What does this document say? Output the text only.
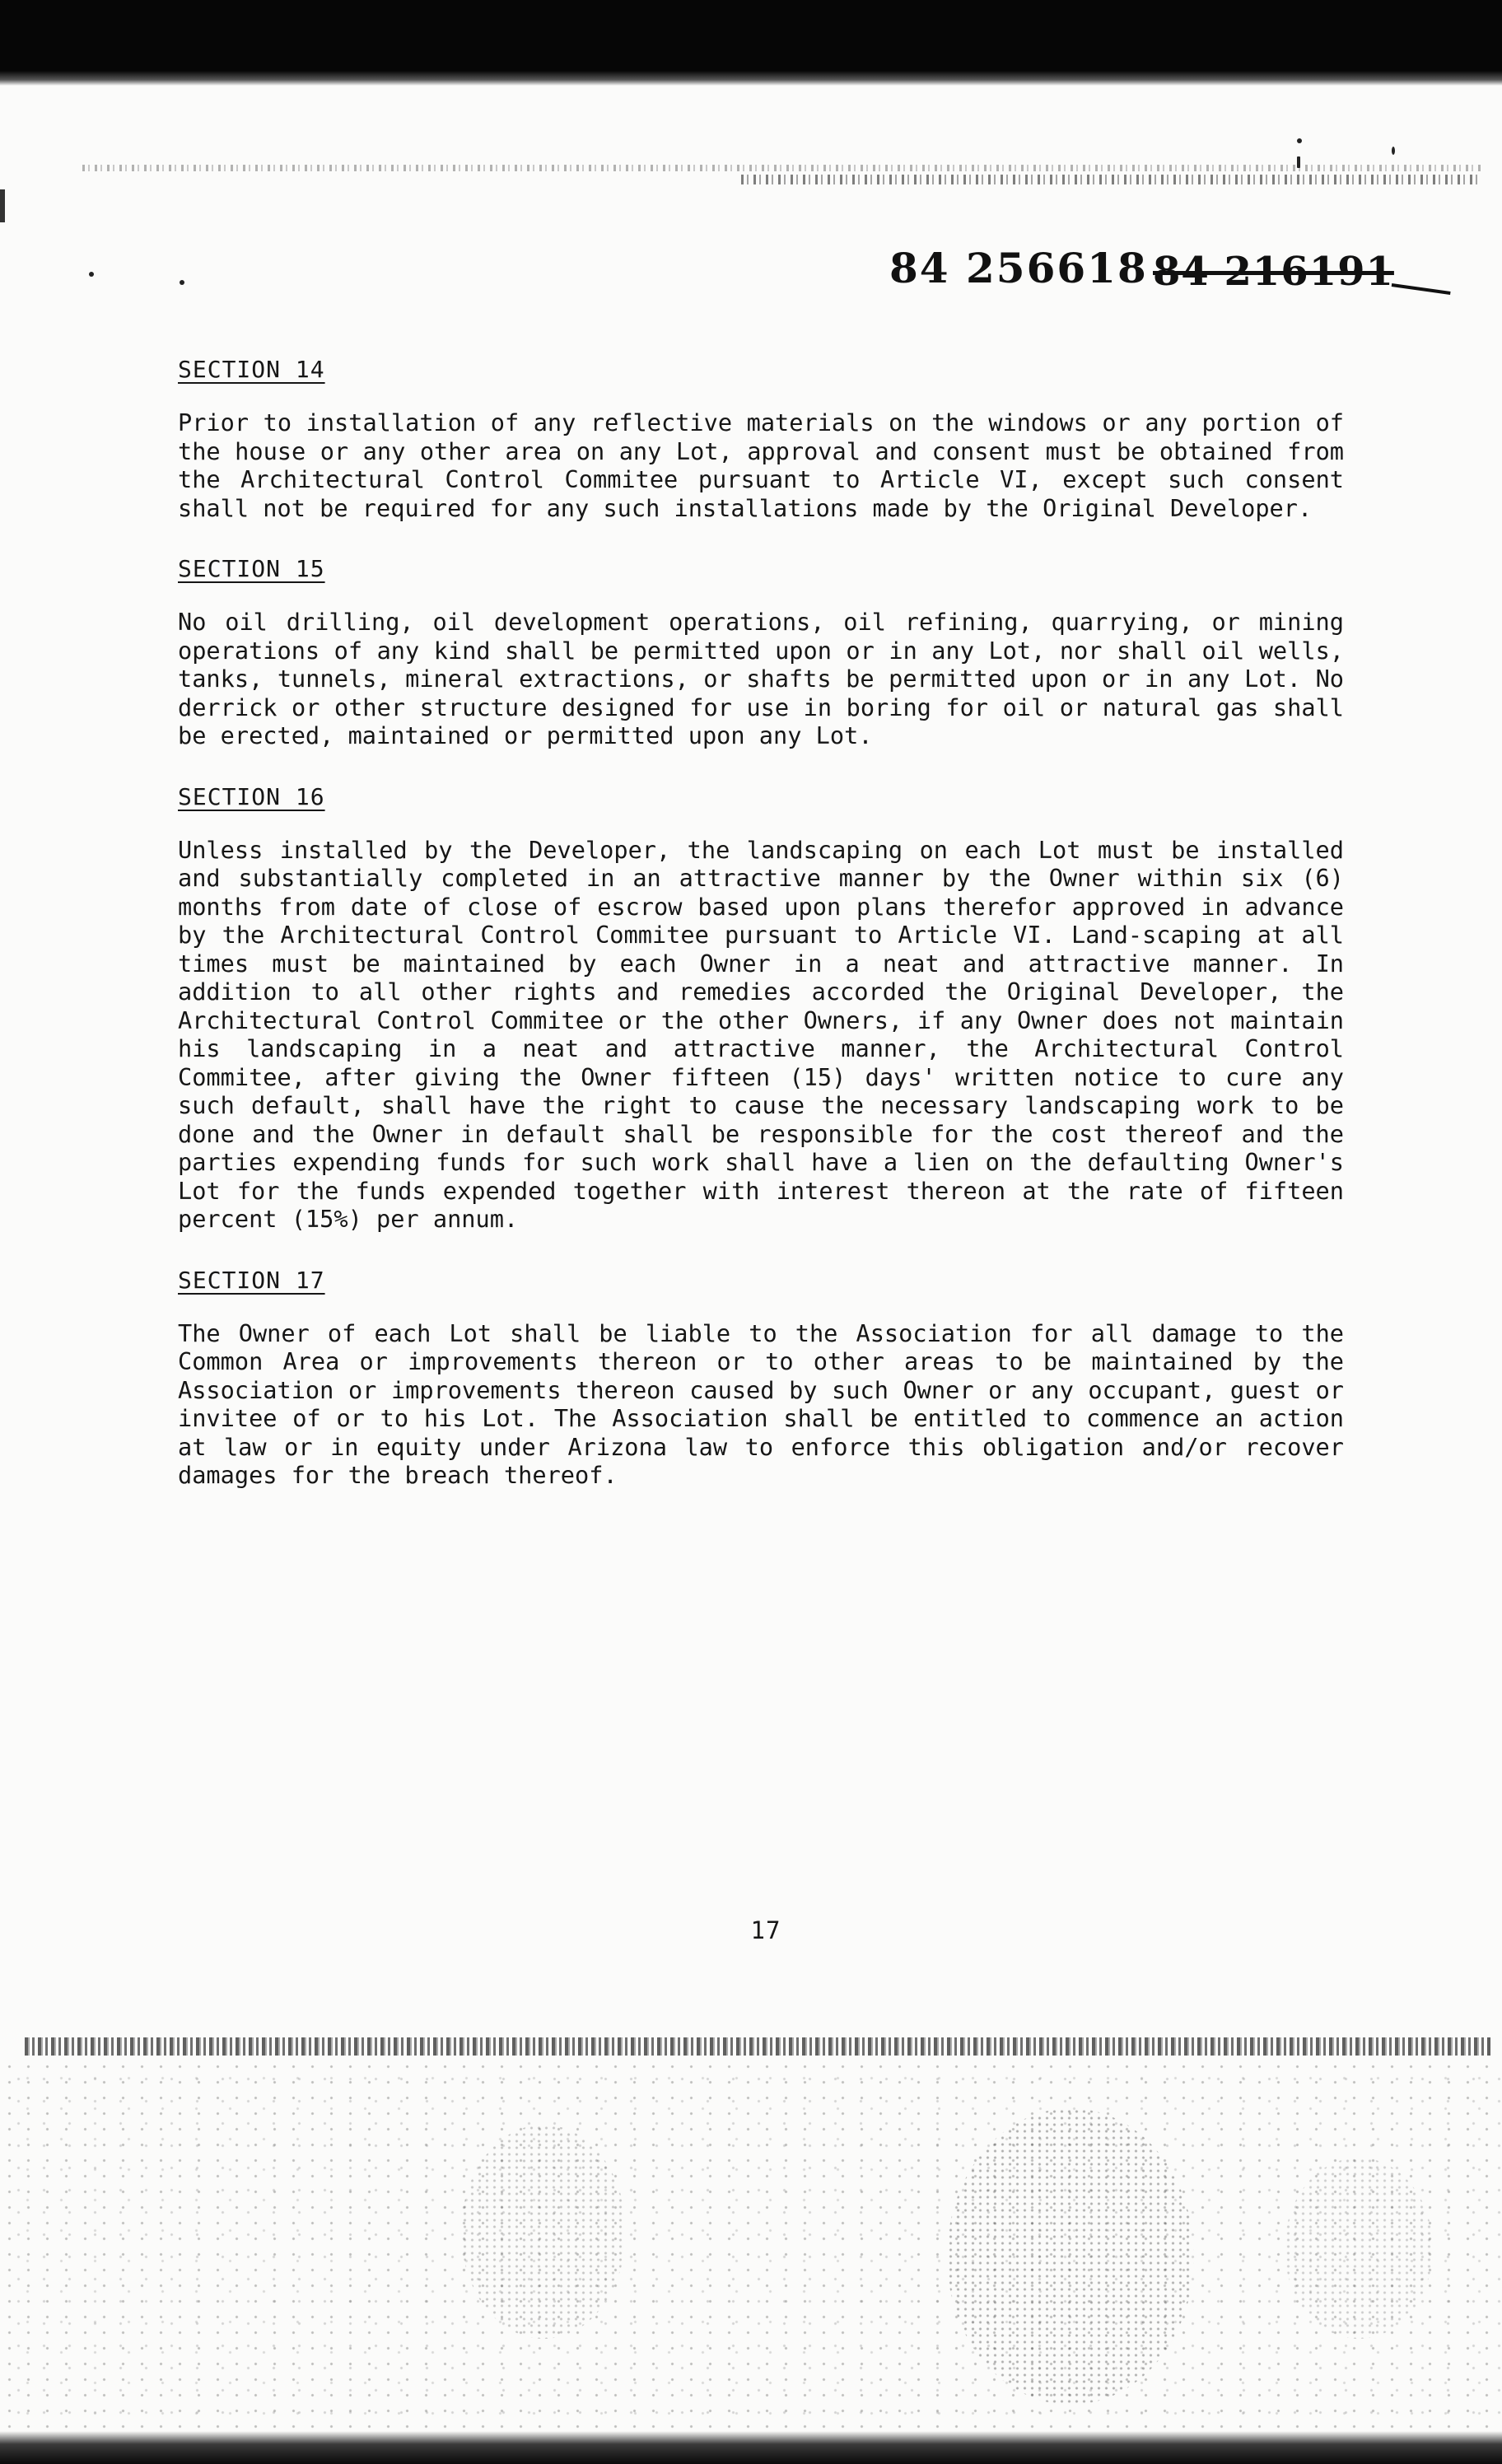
84 256618 84 216191

SECTION 14

Prior to installation of any reflective materials on the windows or any portion of the house or any other area on any Lot, approval and consent must be obtained from the Architectural Control Commitee pursuant to Article VI, except such consent shall not be required for any such installations made by the Original Developer.

SECTION 15

No oil drilling, oil development operations, oil refining, quarrying, or mining operations of any kind shall be permitted upon or in any Lot, nor shall oil wells, tanks, tunnels, mineral extractions, or shafts be permitted upon or in any Lot. No derrick or other structure designed for use in boring for oil or natural gas shall be erected, maintained or permitted upon any Lot.

SECTION 16

Unless installed by the Developer, the landscaping on each Lot must be installed and substantially completed in an attractive manner by the Owner within six (6) months from date of close of escrow based upon plans therefor approved in advance by the Architectural Control Commitee pursuant to Article VI. Land-scaping at all times must be maintained by each Owner in a neat and attractive manner. In addition to all other rights and remedies accorded the Original Developer, the Architectural Control Commitee or the other Owners, if any Owner does not maintain his landscaping in a neat and attractive manner, the Architectural Control Commitee, after giving the Owner fifteen (15) days' written notice to cure any such default, shall have the right to cause the necessary landscaping work to be done and the Owner in default shall be responsible for the cost thereof and the parties expending funds for such work shall have a lien on the defaulting Owner's Lot for the funds expended together with interest thereon at the rate of fifteen percent (15%) per annum.

SECTION 17

The Owner of each Lot shall be liable to the Association for all damage to the Common Area or improvements thereon or to other areas to be maintained by the Association or improvements thereon caused by such Owner or any occupant, guest or invitee of or to his Lot. The Association shall be entitled to commence an action at law or in equity under Arizona law to enforce this obligation and/or recover damages for the breach thereof.

17
